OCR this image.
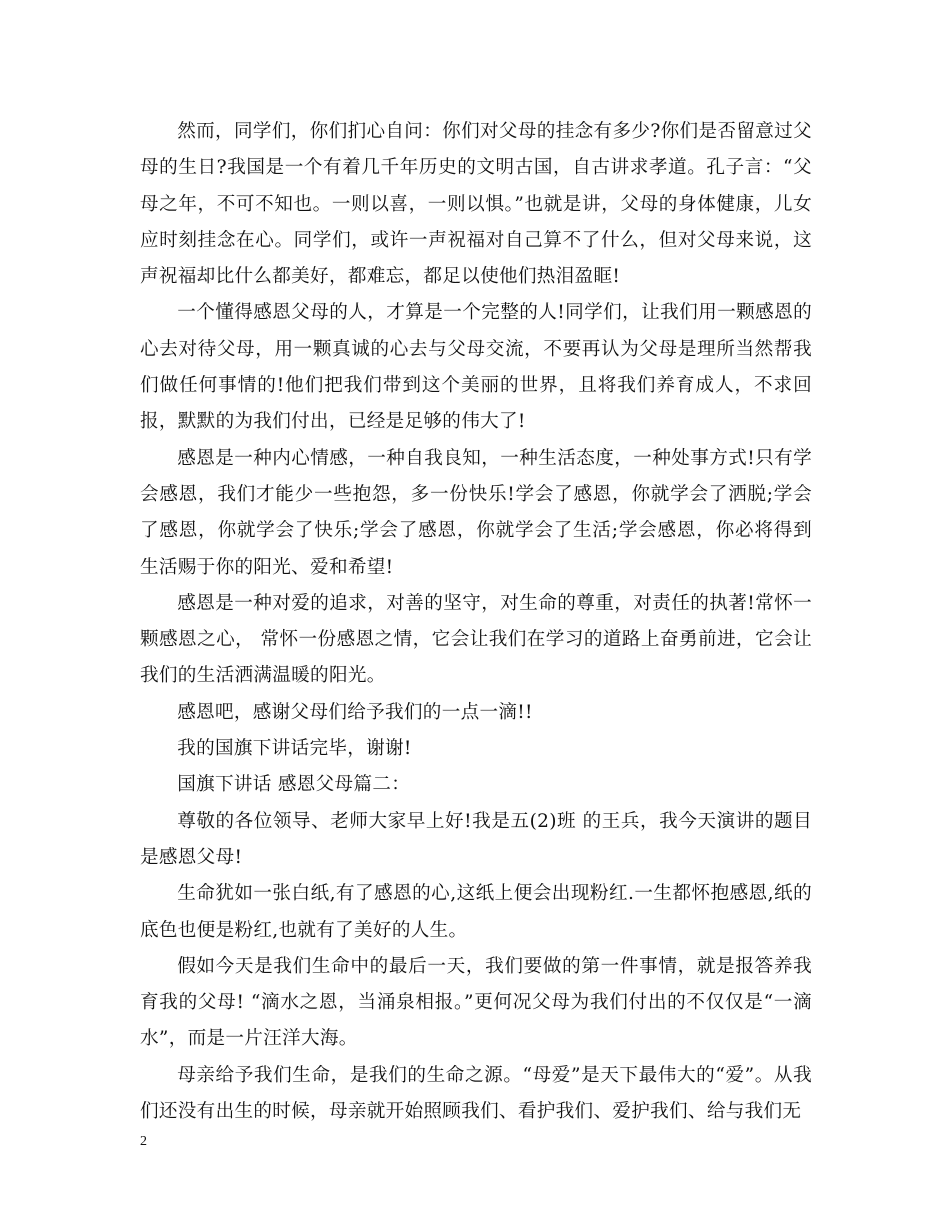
然而，同学们，你们扪心自问：你们对父母的挂念有多少?你们是否留意过父母的生日?我国是一个有着几千年历史的文明古国，自古讲求孝道。孔子言：“父母之年，不可不知也。一则以喜，一则以惧。”也就是讲，父母的身体健康，儿女应时刻挂念在心。同学们，或许一声祝福对自己算不了什么，但对父母来说，这声祝福却比什么都美好，都难忘，都足以使他们热泪盈眶!

一个懂得感恩父母的人，才算是一个完整的人!同学们，让我们用一颗感恩的心去对待父母，用一颗真诚的心去与父母交流，不要再认为父母是理所当然帮我们做任何事情的!他们把我们带到这个美丽的世界，且将我们养育成人，不求回报，默默的为我们付出，已经是足够的伟大了!

感恩是一种内心情感，一种自我良知，一种生活态度，一种处事方式!只有学会感恩，我们才能少一些抱怨，多一份快乐!学会了感恩，你就学会了洒脱;学会了感恩，你就学会了快乐;学会了感恩，你就学会了生活;学会感恩，你必将得到生活赐于你的阳光、爱和希望!

感恩是一种对爱的追求，对善的坚守，对生命的尊重，对责任的执著!常怀一颗感恩之心， 常怀一份感恩之情，它会让我们在学习的道路上奋勇前进，它会让我们的生活洒满温暖的阳光。

感恩吧，感谢父母们给予我们的一点一滴!!

我的国旗下讲话完毕，谢谢!

国旗下讲话 感恩父母篇二：

尊敬的各位领导、老师大家早上好!我是五(2)班 的王兵，我今天演讲的题目是感恩父母!

生命犹如一张白纸,有了感恩的心,这纸上便会出现粉红.一生都怀抱感恩,纸的底色也便是粉红,也就有了美好的人生。

假如今天是我们生命中的最后一天，我们要做的第一件事情，就是报答养我育我的父母! “滴水之恩，当涌泉相报。”更何况父母为我们付出的不仅仅是“一滴水”，而是一片汪洋大海。

母亲给予我们生命，是我们的生命之源。“母爱”是天下最伟大的“爱”。从我们还没有出生的时候，母亲就开始照顾我们、看护我们、爱护我们、给与我们无

2
